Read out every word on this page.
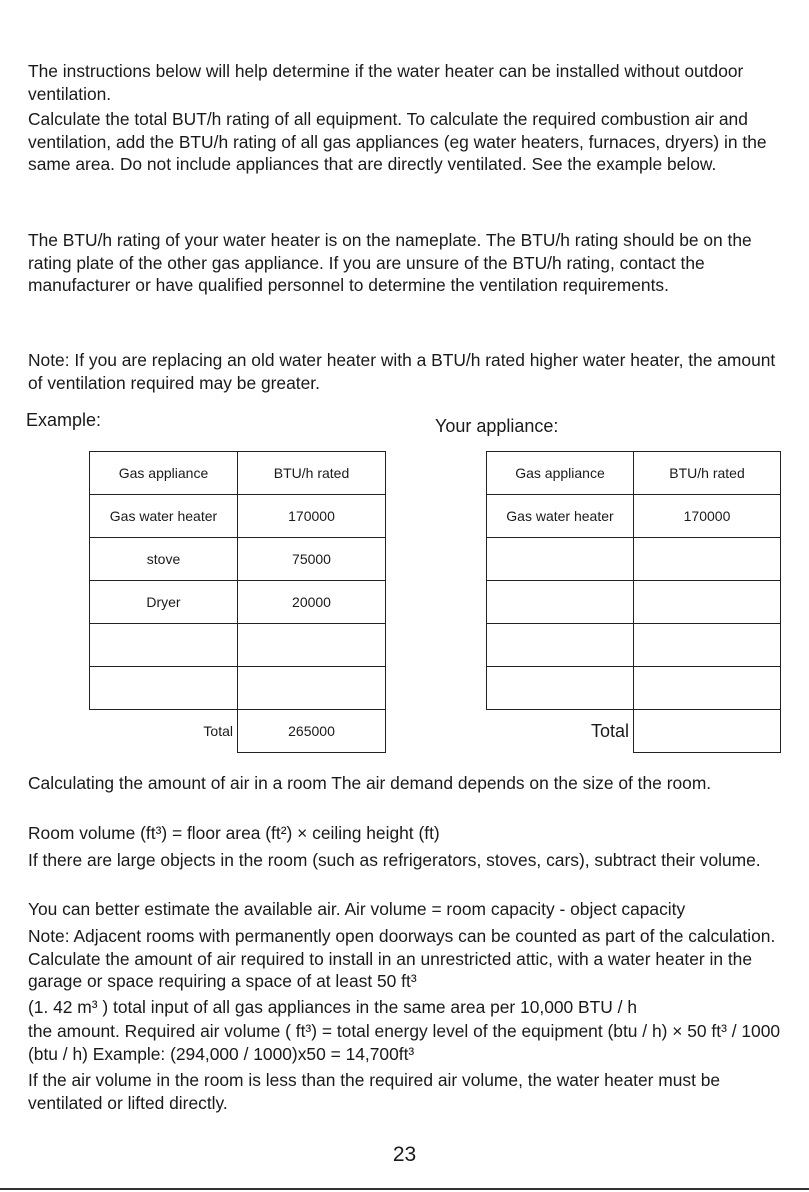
The instructions below will help determine if the water heater can be installed without outdoor ventilation.

Calculate the total BUT/h rating of all equipment. To calculate the required combustion air and ventilation, add the BTU/h rating of all gas appliances (eg water heaters, furnaces, dryers) in the same area. Do not include appliances that are directly ventilated. See the example below.

The BTU/h rating of your water heater is on the nameplate. The BTU/h rating should be on the rating plate of the other gas appliance. If you are unsure of the BTU/h rating, contact the manufacturer or have qualified personnel to determine the ventilation requirements.

Note: If you are replacing an old water heater with a BTU/h rated higher water heater, the amount of ventilation required may be greater.

Example:	Your appliance:
Gas appliance	BTU/h rated
Gas water heater	170000
stove	75000
Dryer	20000

Total	265000
Gas appliance	BTU/h rated
Gas water heater	170000

Total	

Calculating the amount of air in a room The air demand depends on the size of the room.

Room volume (ft³) = floor area (ft²) × ceiling height (ft)

If there are large objects in the room (such as refrigerators, stoves, cars), subtract their volume.

You can better estimate the available air. Air volume = room capacity - object capacity

Note: Adjacent rooms with permanently open doorways can be counted as part of the calculation. Calculate the amount of air required to install in an unrestricted attic, with a water heater in the garage or space requiring a space of at least 50 ft³

(1. 42 m³ ) total input of all gas appliances in the same area per 10,000 BTU / h

the amount. Required air volume ( ft³) = total energy level of the equipment (btu / h) × 50 ft³ / 1000 (btu / h) Example: (294,000 / 1000)x50 = 14,700ft³

If the air volume in the room is less than the required air volume, the water heater must be ventilated or lifted directly.

23
